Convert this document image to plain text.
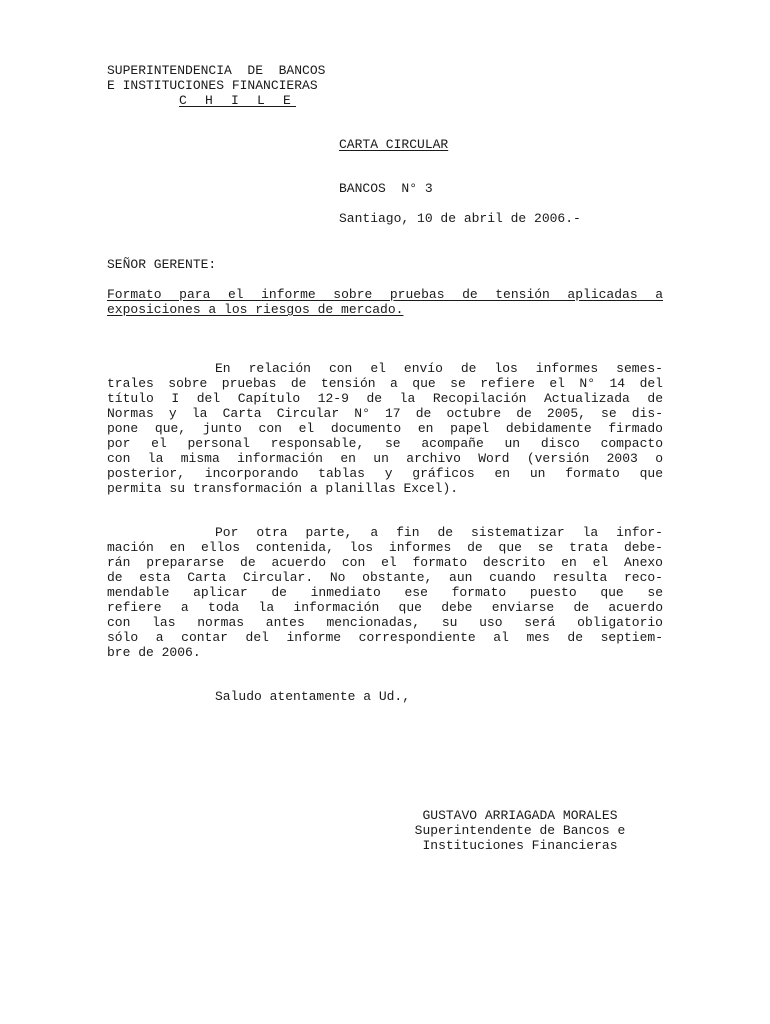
SUPERINTENDENCIA  DE  BANCOS
E INSTITUCIONES FINANCIERAS
C H I L E
CARTA CIRCULAR
BANCOS  N° 3
Santiago, 10 de abril de 2006.-
SEÑOR GERENTE:
Formato para el informe sobre pruebas de tensión aplicadas a
exposiciones a los riesgos de mercado.
En relación con el envío de los informes semes-
trales sobre pruebas de tensión a que se refiere el N° 14 del
título I del Capítulo 12-9 de la Recopilación Actualizada de
Normas y la Carta Circular N° 17 de octubre de 2005, se dis-
pone que, junto con el documento en papel debidamente firmado
por el personal responsable, se acompañe un disco compacto
con la misma información en un archivo Word (versión 2003 o
posterior, incorporando tablas y gráficos en un formato que
permita su transformación a planillas Excel).
Por otra parte, a fin de sistematizar la infor-
mación en ellos contenida, los informes de que se trata debe-
rán prepararse de acuerdo con el formato descrito en el Anexo
de esta Carta Circular. No obstante, aun cuando resulta reco-
mendable aplicar de inmediato ese formato puesto que se
refiere a toda la información que debe enviarse de acuerdo
con las normas antes mencionadas, su uso será obligatorio
sólo a contar del informe correspondiente al mes de septiem-
bre de 2006.
Saludo atentamente a Ud.,
GUSTAVO ARRIAGADA MORALES
Superintendente de Bancos e
Instituciones Financieras
